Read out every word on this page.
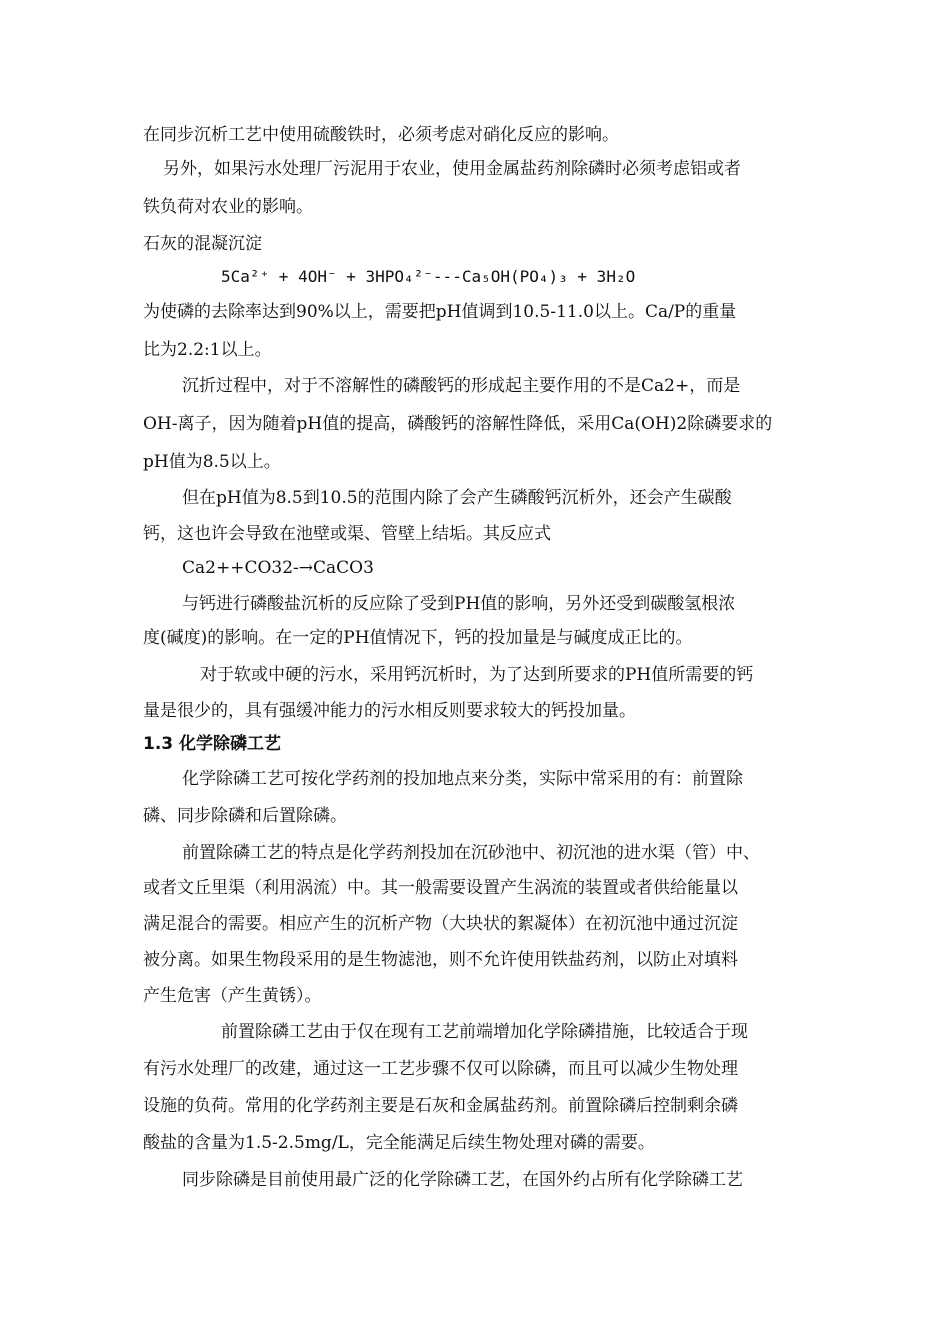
在同步沉析工艺中使用硫酸铁时，必须考虑对硝化反应的影响。
另外，如果污水处理厂污泥用于农业，使用金属盐药剂除磷时必须考虑铝或者
铁负荷对农业的影响。
石灰的混凝沉淀
5Ca²⁺ + 4OH⁻ + 3HPO₄²⁻---Ca₅OH(PO₄)₃ + 3H₂O
为使磷的去除率达到90%以上，需要把pH值调到10.5-11.0以上。Ca/P的重量
比为2.2:1以上。
沉折过程中，对于不溶解性的磷酸钙的形成起主要作用的不是Ca2+，而是
OH-离子，因为随着pH值的提高，磷酸钙的溶解性降低，采用Ca(OH)2除磷要求的
pH值为8.5以上。
但在pH值为8.5到10.5的范围内除了会产生磷酸钙沉析外，还会产生碳酸
钙，这也许会导致在池壁或渠、管壁上结垢。其反应式
Ca2++CO32-→CaCO3
与钙进行磷酸盐沉析的反应除了受到PH值的影响，另外还受到碳酸氢根浓
度(碱度)的影响。在一定的PH值情况下，钙的投加量是与碱度成正比的。
对于软或中硬的污水，采用钙沉析时，为了达到所要求的PH值所需要的钙
量是很少的，具有强缓冲能力的污水相反则要求较大的钙投加量。
1.3 化学除磷工艺
化学除磷工艺可按化学药剂的投加地点来分类，实际中常采用的有：前置除
磷、同步除磷和后置除磷。
前置除磷工艺的特点是化学药剂投加在沉砂池中、初沉池的进水渠（管）中、
或者文丘里渠（利用涡流）中。其一般需要设置产生涡流的装置或者供给能量以
满足混合的需要。相应产生的沉析产物（大块状的絮凝体）在初沉池中通过沉淀
被分离。如果生物段采用的是生物滤池，则不允许使用铁盐药剂，以防止对填料
产生危害（产生黄锈）。
前置除磷工艺由于仅在现有工艺前端增加化学除磷措施，比较适合于现
有污水处理厂的改建，通过这一工艺步骤不仅可以除磷，而且可以减少生物处理
设施的负荷。常用的化学药剂主要是石灰和金属盐药剂。前置除磷后控制剩余磷
酸盐的含量为1.5-2.5mg/L，完全能满足后续生物处理对磷的需要。
同步除磷是目前使用最广泛的化学除磷工艺，在国外约占所有化学除磷工艺
